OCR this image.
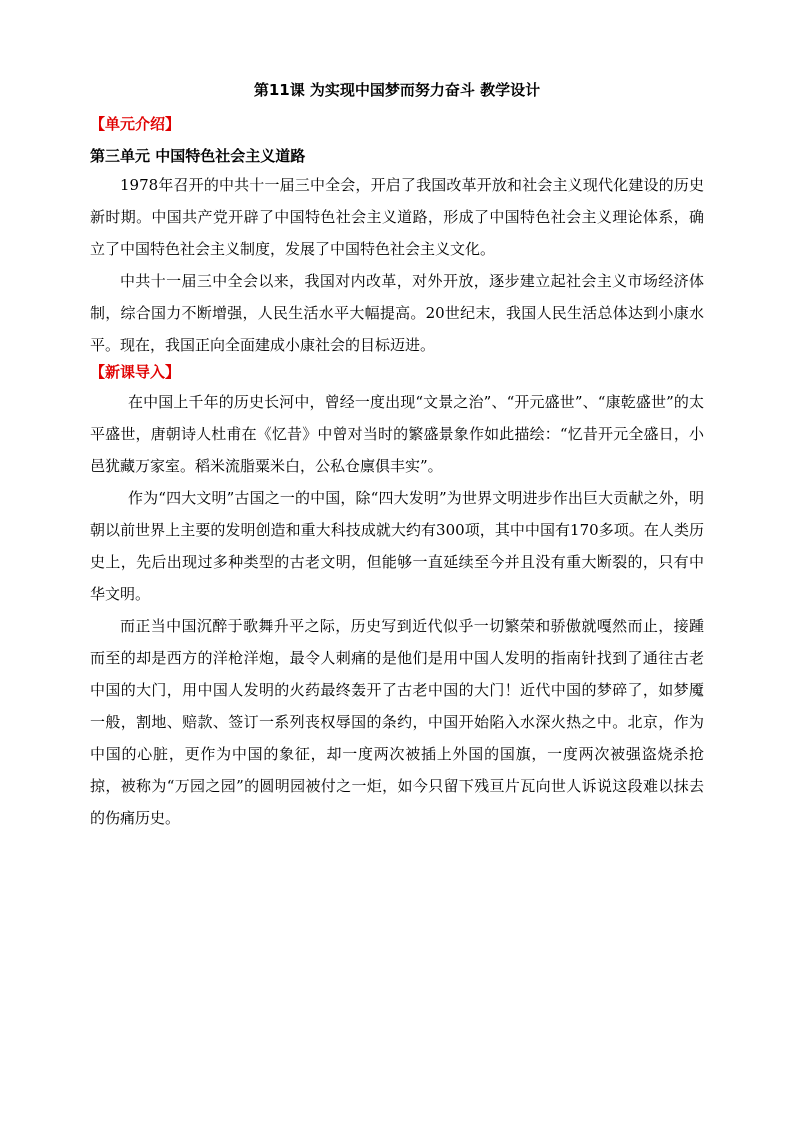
第11课 为实现中国梦而努力奋斗 教学设计
【单元介绍】
第三单元 中国特色社会主义道路

1978年召开的中共十一届三中全会，开启了我国改革开放和社会主义现代化建设的历史新时期。中国共产党开辟了中国特色社会主义道路，形成了中国特色社会主义理论体系，确立了中国特色社会主义制度，发展了中国特色社会主义文化。

中共十一届三中全会以来，我国对内改革，对外开放，逐步建立起社会主义市场经济体制，综合国力不断增强，人民生活水平大幅提高。20世纪末，我国人民生活总体达到小康水平。现在，我国正向全面建成小康社会的目标迈进。

【新课导入】

在中国上千年的历史长河中，曾经一度出现“文景之治”、“开元盛世”、“康乾盛世”的太平盛世，唐朝诗人杜甫在《忆昔》中曾对当时的繁盛景象作如此描绘：“忆昔开元全盛日，小邑犹藏万家室。稻米流脂粟米白，公私仓廪俱丰实”。

作为“四大文明”古国之一的中国，除“四大发明”为世界文明进步作出巨大贡献之外，明朝以前世界上主要的发明创造和重大科技成就大约有300项，其中中国有170多项。在人类历史上，先后出现过多种类型的古老文明，但能够一直延续至今并且没有重大断裂的，只有中华文明。

而正当中国沉醉于歌舞升平之际，历史写到近代似乎一切繁荣和骄傲就嘎然而止，接踵而至的却是西方的洋枪洋炮，最令人刺痛的是他们是用中国人发明的指南针找到了通往古老中国的大门，用中国人发明的火药最终轰开了古老中国的大门！近代中国的梦碎了，如梦魇一般，割地、赔款、签订一系列丧权辱国的条约，中国开始陷入水深火热之中。北京，作为中国的心脏，更作为中国的象征，却一度两次被插上外国的国旗，一度两次被强盗烧杀抢掠，被称为“万园之园”的圆明园被付之一炬，如今只留下残亘片瓦向世人诉说这段难以抹去的伤痛历史。
